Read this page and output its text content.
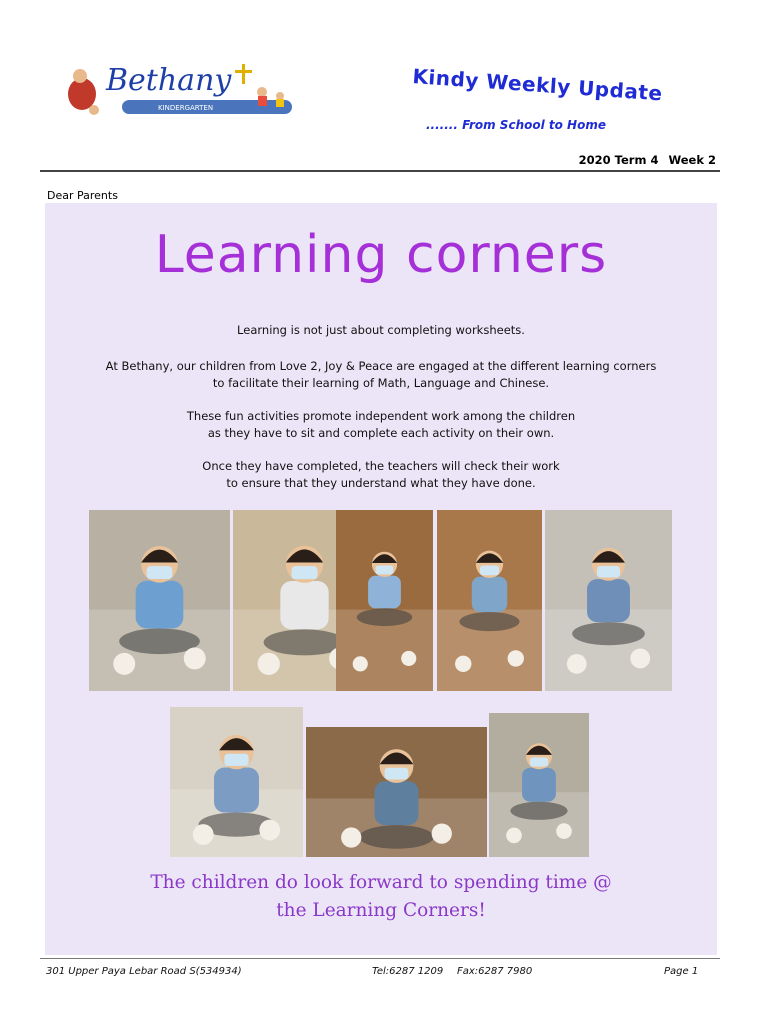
Bethany
KINDERGARTEN
Kindy Weekly Update
....... From School to Home
2020 Term 4 Week 2
Dear Parents
Learning corners
Learning is not just about completing worksheets.
At Bethany, our children from Love 2, Joy & Peace are engaged at the different learning corners
to facilitate their learning of Math, Language and Chinese.
These fun activities promote independent work among the children
as they have to sit and complete each activity on their own.
Once they have completed, the teachers will check their work
to ensure that they understand what they have done.
The children do look forward to spending time @
the Learning Corners!
301 Upper Paya Lebar Road S(534934)	Tel:6287 1209 Fax:6287 7980	Page 1
